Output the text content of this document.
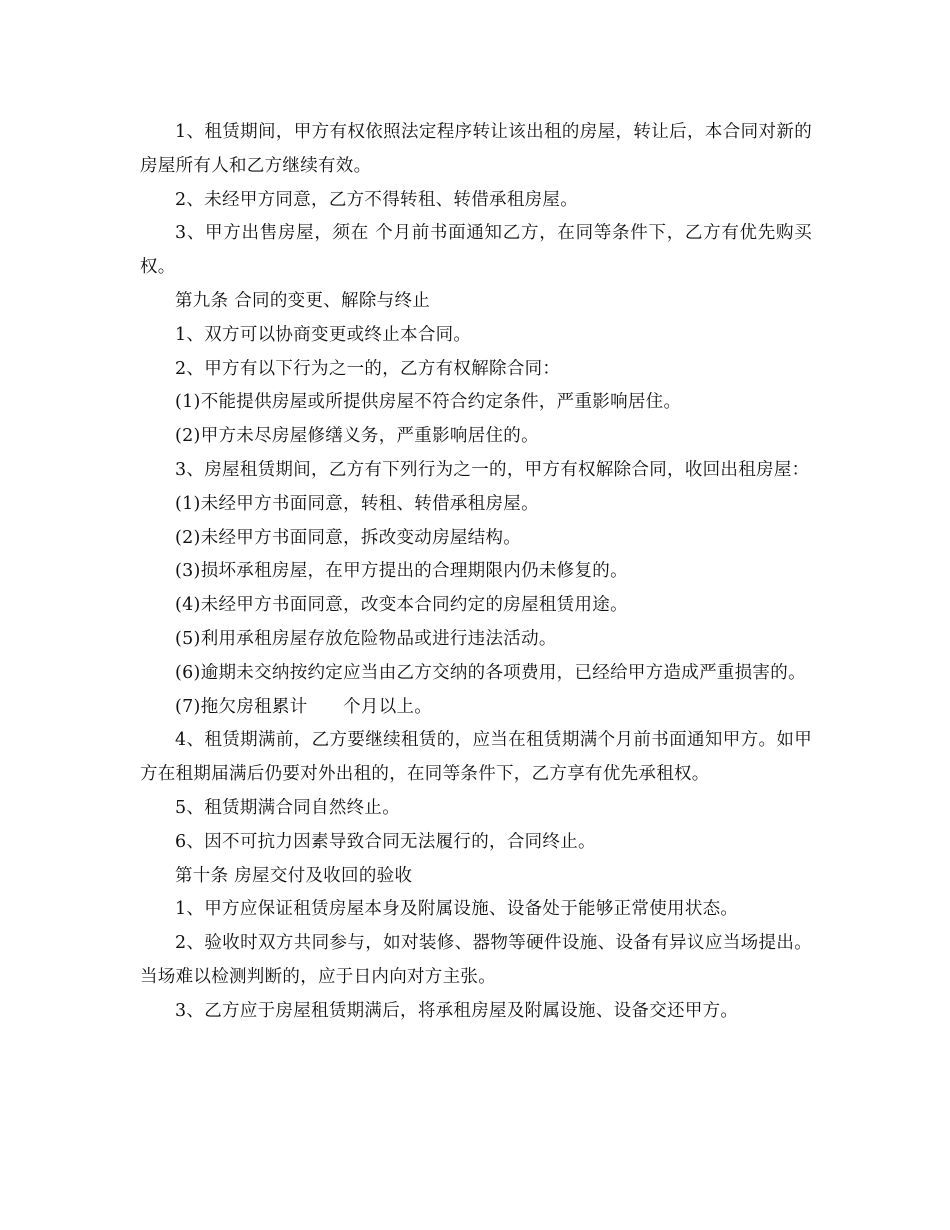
1、租赁期间，甲方有权依照法定程序转让该出租的房屋，转让后，本合同对新的房屋所有人和乙方继续有效。

2、未经甲方同意，乙方不得转租、转借承租房屋。

3、甲方出售房屋，须在 个月前书面通知乙方，在同等条件下，乙方有优先购买权。

第九条 合同的变更、解除与终止

1、双方可以协商变更或终止本合同。

2、甲方有以下行为之一的，乙方有权解除合同：

(1)不能提供房屋或所提供房屋不符合约定条件，严重影响居住。

(2)甲方未尽房屋修缮义务，严重影响居住的。

3、房屋租赁期间，乙方有下列行为之一的，甲方有权解除合同，收回出租房屋：

(1)未经甲方书面同意，转租、转借承租房屋。

(2)未经甲方书面同意，拆改变动房屋结构。

(3)损坏承租房屋，在甲方提出的合理期限内仍未修复的。

(4)未经甲方书面同意，改变本合同约定的房屋租赁用途。

(5)利用承租房屋存放危险物品或进行违法活动。

(6)逾期未交纳按约定应当由乙方交纳的各项费用，已经给甲方造成严重损害的。

(7)拖欠房租累计　　个月以上。

4、租赁期满前，乙方要继续租赁的，应当在租赁期满个月前书面通知甲方。如甲方在租期届满后仍要对外出租的，在同等条件下，乙方享有优先承租权。

5、租赁期满合同自然终止。

6、因不可抗力因素导致合同无法履行的，合同终止。

第十条 房屋交付及收回的验收

1、甲方应保证租赁房屋本身及附属设施、设备处于能够正常使用状态。

2、验收时双方共同参与，如对装修、器物等硬件设施、设备有异议应当场提出。当场难以检测判断的，应于日内向对方主张。

3、乙方应于房屋租赁期满后，将承租房屋及附属设施、设备交还甲方。
